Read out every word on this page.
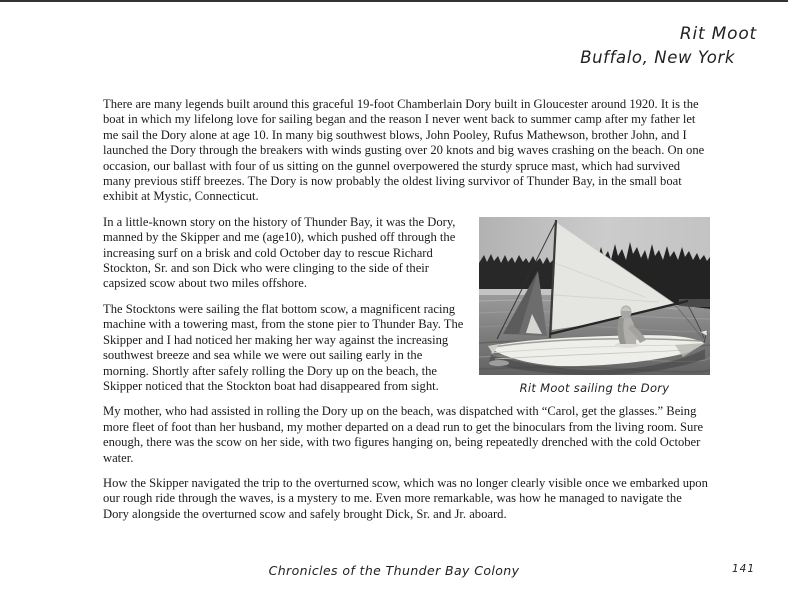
Rit Moot
Buffalo, New York

There are many legends built around this graceful 19-foot Chamberlain Dory built in Gloucester around 1920. It is the boat in which my lifelong love for sailing began and the reason I never went back to summer camp after my father let me sail the Dory alone at age 10. In many big southwest blows, John Pooley, Rufus Mathewson, brother John, and I launched the Dory through the breakers with winds gusting over 20 knots and big waves crashing on the beach. On one occasion, our ballast with four of us sitting on the gunnel overpowered the sturdy spruce mast, which had survived many previous stiff breezes. The Dory is now probably the oldest living survivor of Thunder Bay, in the small boat exhibit at Mystic, Connecticut.

Rit Moot sailing the Dory

In a little-known story on the history of Thunder Bay, it was the Dory, manned by the Skipper and me (age10), which pushed off through the increasing surf on a brisk and cold October day to rescue Richard Stockton, Sr. and son Dick who were clinging to the side of their capsized scow about two miles offshore.

The Stocktons were sailing the flat bottom scow, a magnificent racing machine with a towering mast, from the stone pier to Thunder Bay. The Skipper and I had noticed her making her way against the increasing southwest breeze and sea while we were out sailing early in the morning. Shortly after safely rolling the Dory up on the beach, the Skipper noticed that the Stockton boat had disappeared from sight.

My mother, who had assisted in rolling the Dory up on the beach, was dispatched with “Carol, get the glasses.” Being more fleet of foot than her husband, my mother departed on a dead run to get the binoculars from the living room. Sure enough, there was the scow on her side, with two figures hanging on, being repeatedly drenched with the cold October water.

How the Skipper navigated the trip to the overturned scow, which was no longer clearly visible once we embarked upon our rough ride through the waves, is a mystery to me. Even more remarkable, was how he managed to navigate the Dory alongside the overturned scow and safely brought Dick, Sr. and Jr. aboard.

Chronicles of the Thunder Bay Colony	141
